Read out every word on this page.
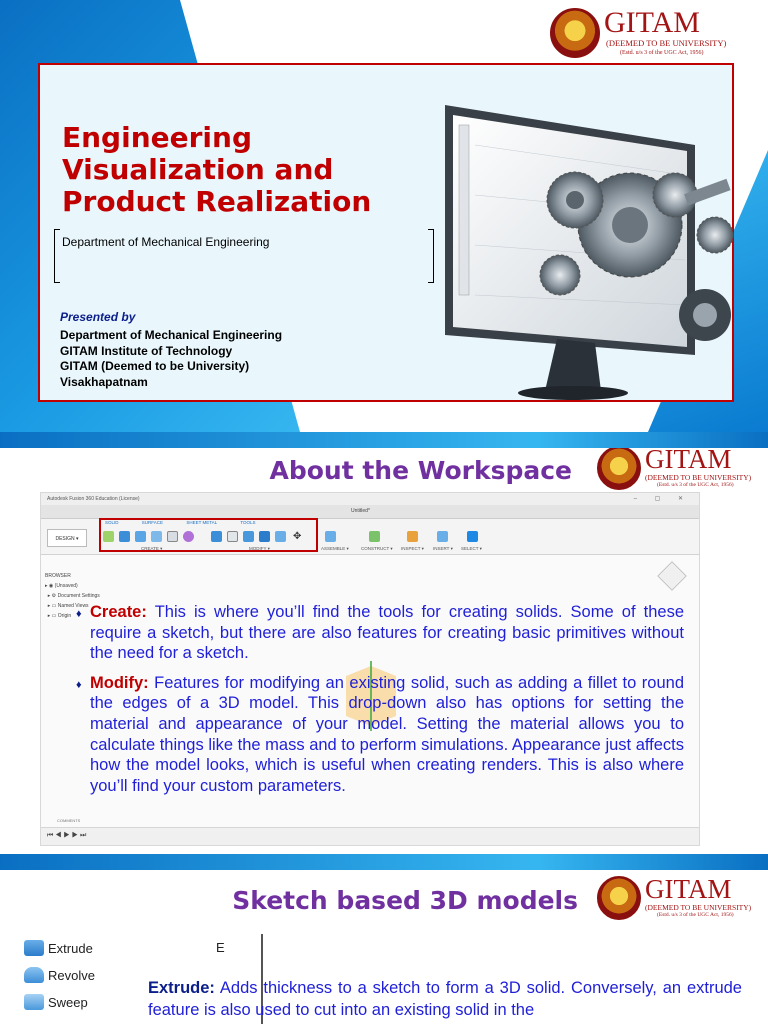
GITAM
(DEEMED TO BE UNIVERSITY)
(Estd. u/s 3 of the UGC Act, 1956)
Engineering
Visualization and
Product Realization
Department of Mechanical Engineering
Presented by
Department of Mechanical Engineering
GITAM Institute of Technology
GITAM (Deemed to be University)
Visakhapatnam
About the Workspace	GITAM
(DEEMED TO BE UNIVERSITY)
(Estd. u/s 3 of the UGC Act, 1956)
Autodesk Fusion 360 Education (License)	– ▢ ✕
Untitled*
DESIGN ▾
SOLID	SURFACE	SHEET METAL	TOOLS
✥
CREATE ▾	MODIFY ▾	ASSEMBLE ▾	CONSTRUCT ▾ INSPECT ▾ INSERT ▾ SELECT ▾
BROWSER
▸ ◉ (Unsaved)
▸ ⚙ Document Settings
▸ ▭ Named Views
▸ ▭ Origin
COMMENTS
⏮◀▶▶⏭
♦ Create: This is where you’ll find the tools for creating solids. Some of these require a sketch, but there are also features for creating basic primitives without the need for a sketch.
♦ Modify: Features for modifying an existing solid, such as adding a fillet to round the edges of a 3D model. This drop-down also has options for setting the material and appearance of your model. Setting the material allows you to calculate things like the mass and to perform simulations. Appearance just affects how the model looks, which is useful when creating renders. This is also where you’ll find your custom parameters.
Sketch based 3D models GITAM
(DEEMED TO BE UNIVERSITY)
(Estd. u/s 3 of the UGC Act, 1956)
Extrude	E
Revolve
Sweep
Extrude: Adds thickness to a sketch to form a 3D solid. Conversely, an extrude feature is also used to cut into an existing solid in the
